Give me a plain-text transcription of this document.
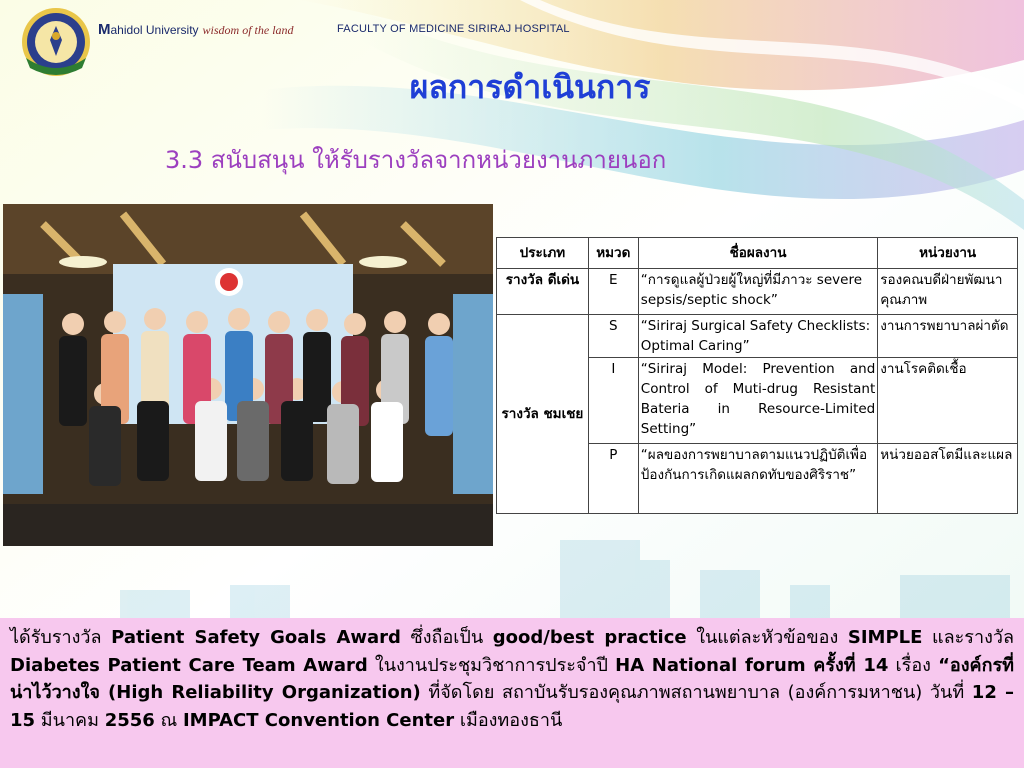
Mahidol University wisdom of the land	FACULTY OF MEDICINE SIRIRAJ HOSPITAL
ผลการดำเนินการ
3.3 สนับสนุน ให้รับรางวัลจากหน่วยงานภายนอก
ประเภท	หมวด	ชื่อผลงาน	หน่วยงาน
รางวัล ดีเด่น	E	“การดูแลผู้ป่วยผู้ใหญ่ที่มีภาวะ severe sepsis/septic shock”	รองคณบดีฝ่ายพัฒนาคุณภาพ
รางวัล ชมเชย	S	“Siriraj Surgical Safety Checklists: Optimal Caring”	งานการพยาบาลผ่าตัด
	I	“Siriraj Model: Prevention and Control of Muti-drug Resistant Bateria in Resource-Limited Setting”	งานโรคติดเชื้อ
	P	“ผลของการพยาบาลตามแนวปฏิบัติเพื่อป้องกันการเกิดแผลกดทับของศิริราช”	หน่วยออสโตมีและแผล
ได้รับรางวัล Patient Safety Goals Award ซึ่งถือเป็น good/best practice ในแต่ละหัวข้อของ SIMPLE และรางวัล Diabetes Patient Care Team Award ในงานประชุมวิชาการประจำปี HA National forum ครั้งที่ 14 เรื่อง “องค์กรที่น่าไว้วางใจ (High Reliability Organization) ที่จัดโดย สถาบันรับรองคุณภาพสถานพยาบาล (องค์การมหาชน) วันที่ 12 – 15 มีนาคม 2556 ณ IMPACT Convention Center เมืองทองธานี
